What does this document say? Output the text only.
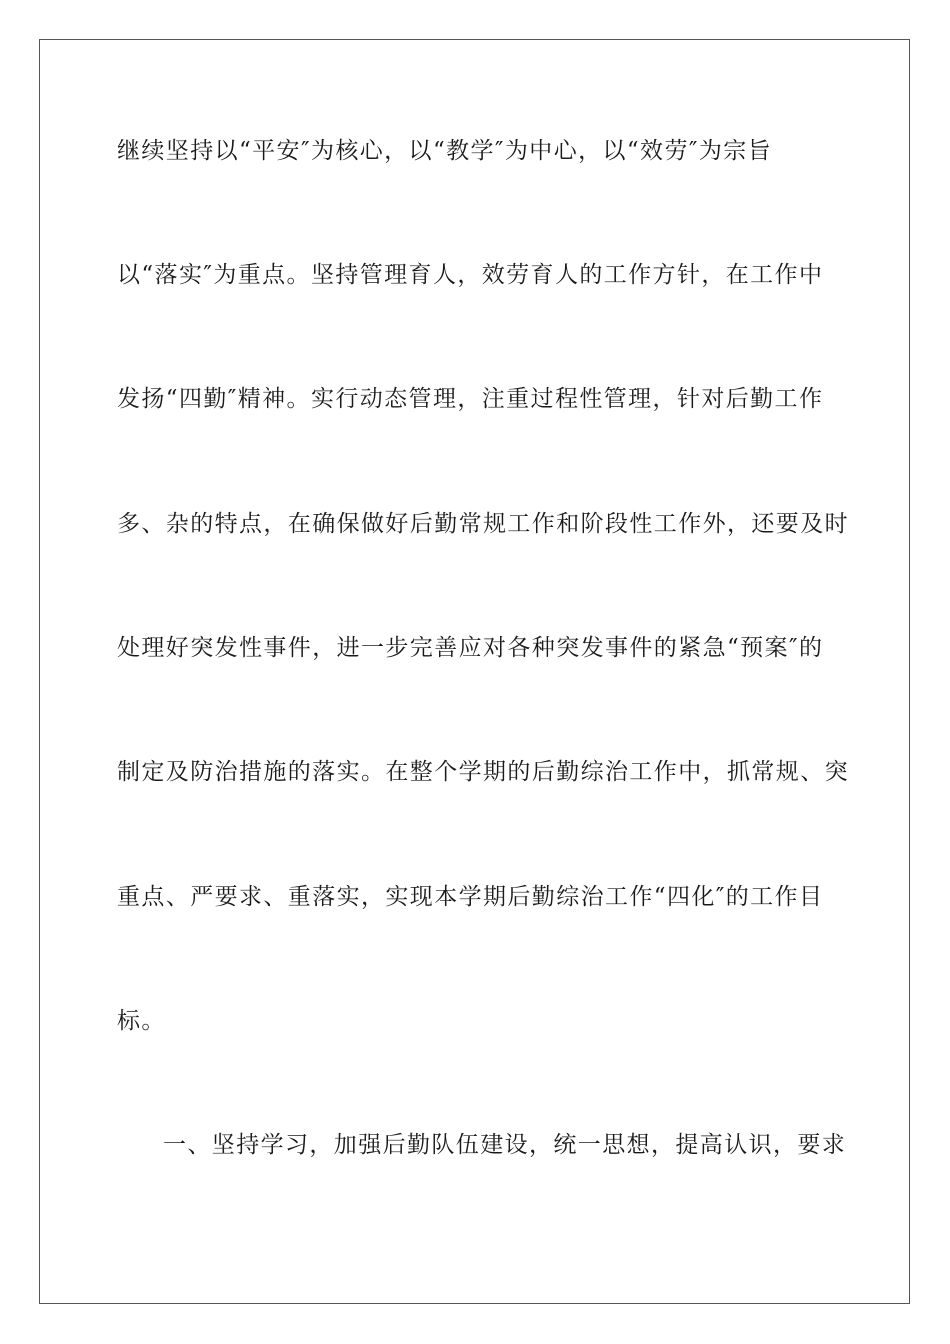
继续坚持以“平安″为核心，以“教学″为中心，以“效劳″为宗旨
以“落实″为重点。坚持管理育人，效劳育人的工作方针，在工作中
发扬“四勤″精神。实行动态管理，注重过程性管理，针对后勤工作
多、杂的特点，在确保做好后勤常规工作和阶段性工作外，还要及时
处理好突发性事件，进一步完善应对各种突发事件的紧急“预案″的
制定及防治措施的落实。在整个学期的后勤综治工作中，抓常规、突
重点、严要求、重落实，实现本学期后勤综治工作“四化″的工作目
标。
一、坚持学习，加强后勤队伍建设，统一思想，提高认识，要求
